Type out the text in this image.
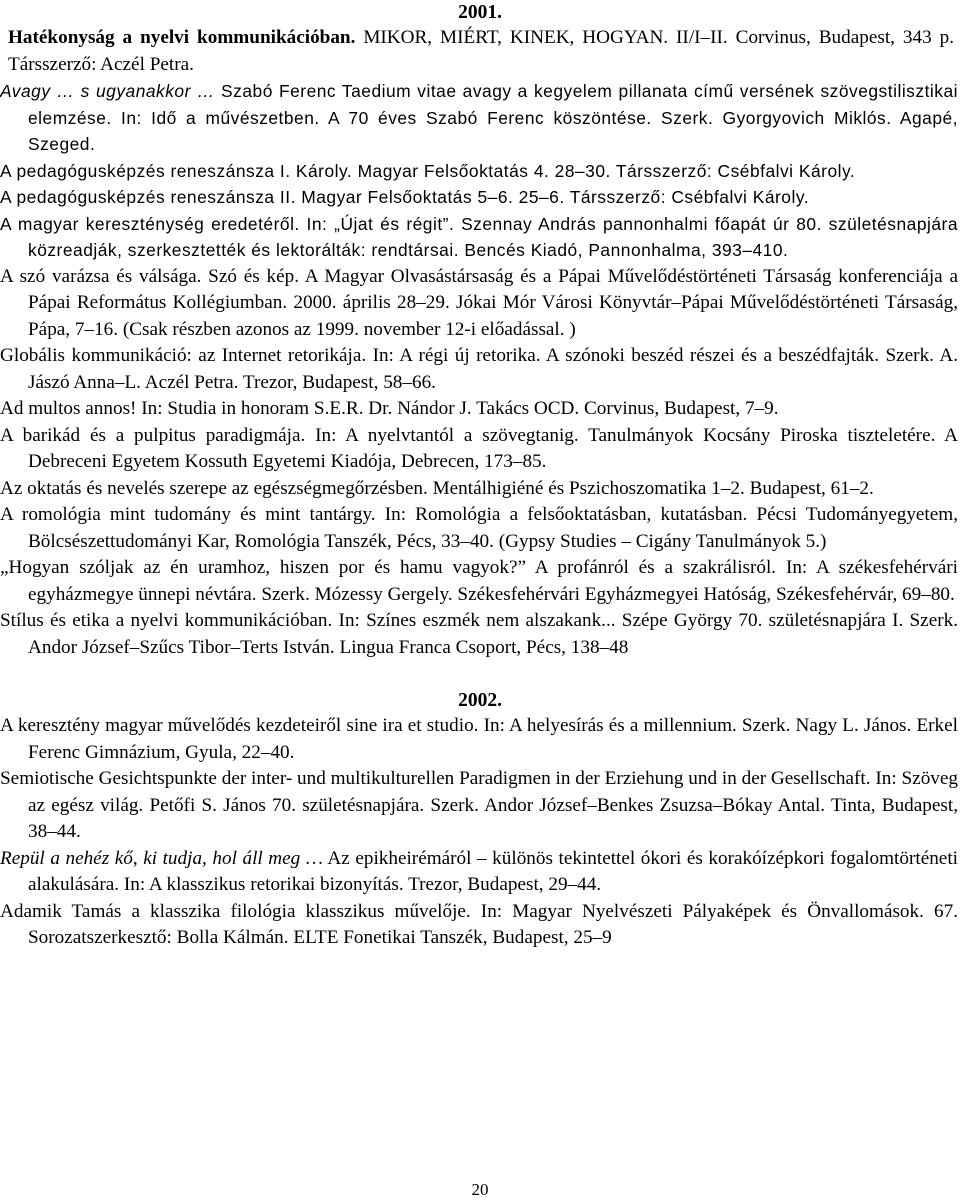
2001.

Hatékonyság a nyelvi kommunikációban. MIKOR, MIÉRT, KINEK, HOGYAN. II/I–II. Corvinus, Budapest, 343 p. Társszerző: Aczél Petra.

Avagy … s ugyanakkor … Szabó Ferenc Taedium vitae avagy a kegyelem pillanata című versének szövegstilisztikai elemzése. In: Idő a művészetben. A 70 éves Szabó Ferenc köszöntése. Szerk. Gyorgyovich Miklós. Agapé, Szeged.

A pedagógusképzés reneszánsza I. Károly. Magyar Felsőoktatás 4. 28–30. Társszerző: Csébfalvi Károly.

A pedagógusképzés reneszánsza II. Magyar Felsőoktatás 5–6. 25–6. Társszerző: Csébfalvi Károly.

A magyar kereszténység eredetéről. In: „Újat és régit”. Szennay András pannonhalmi főapát úr 80. születésnapjára közreadják, szerkesztették és lektorálták: rendtársai. Bencés Kiadó, Pannonhalma, 393–410.

A szó varázsa és válsága. Szó és kép. A Magyar Olvasástársaság és a Pápai Művelődéstörténeti Társaság konferenciája a Pápai Református Kollégiumban. 2000. április 28–29. Jókai Mór Városi Könyvtár–Pápai Művelődéstörténeti Társaság, Pápa, 7–16. (Csak részben azonos az 1999. november 12-i előadással. )

Globális kommunikáció: az Internet retorikája. In: A régi új retorika. A szónoki beszéd részei és a beszédfajták. Szerk. A. Jászó Anna–L. Aczél Petra. Trezor, Budapest, 58–66.

Ad multos annos! In: Studia in honoram S.E.R. Dr. Nándor J. Takács OCD. Corvinus, Budapest, 7–9.

A barikád és a pulpitus paradigmája. In: A nyelvtantól a szövegtanig. Tanulmányok Kocsány Piroska tiszteletére. A Debreceni Egyetem Kossuth Egyetemi Kiadója, Debrecen, 173–85.

Az oktatás és nevelés szerepe az egészségmegőrzésben. Mentálhigiéné és Pszichoszomatika 1–2. Budapest, 61–2.

A romológia mint tudomány és mint tantárgy. In: Romológia a felsőoktatásban, kutatásban. Pécsi Tudományegyetem, Bölcsészettudományi Kar, Romológia Tanszék, Pécs, 33–40. (Gypsy Studies – Cigány Tanulmányok 5.)

„Hogyan szóljak az én uramhoz, hiszen por és hamu vagyok?” A profánról és a szakrálisról. In: A székesfehérvári egyházmegye ünnepi névtára. Szerk. Mózessy Gergely. Székesfehérvári Egyházmegyei Hatóság, Székesfehérvár, 69–80.

Stílus és etika a nyelvi kommunikációban. In: Színes eszmék nem alszakank... Szépe György 70. születésnapjára I. Szerk. Andor József–Szűcs Tibor–Terts István. Lingua Franca Csoport, Pécs, 138–48

2002.

A keresztény magyar művelődés kezdeteiről sine ira et studio. In: A helyesírás és a millennium. Szerk. Nagy L. János. Erkel Ferenc Gimnázium, Gyula, 22–40.

Semiotische Gesichtspunkte der inter- und multikulturellen Paradigmen in der Erziehung und in der Gesellschaft. In: Szöveg az egész világ. Petőfi S. János 70. születésnapjára. Szerk. Andor József–Benkes Zsuzsa–Bókay Antal. Tinta, Budapest, 38–44.

Repül a nehéz kő, ki tudja, hol áll meg … Az epikheirémáról – különös tekintettel ókori és korakóízépkori fogalomtörténeti alakulására. In: A klasszikus retorikai bizonyítás. Trezor, Budapest, 29–44.

Adamik Tamás a klasszika filológia klasszikus művelője. In: Magyar Nyelvészeti Pályaképek és Önvallomások. 67. Sorozatszerkesztő: Bolla Kálmán. ELTE Fonetikai Tanszék, Budapest, 25–9

20
